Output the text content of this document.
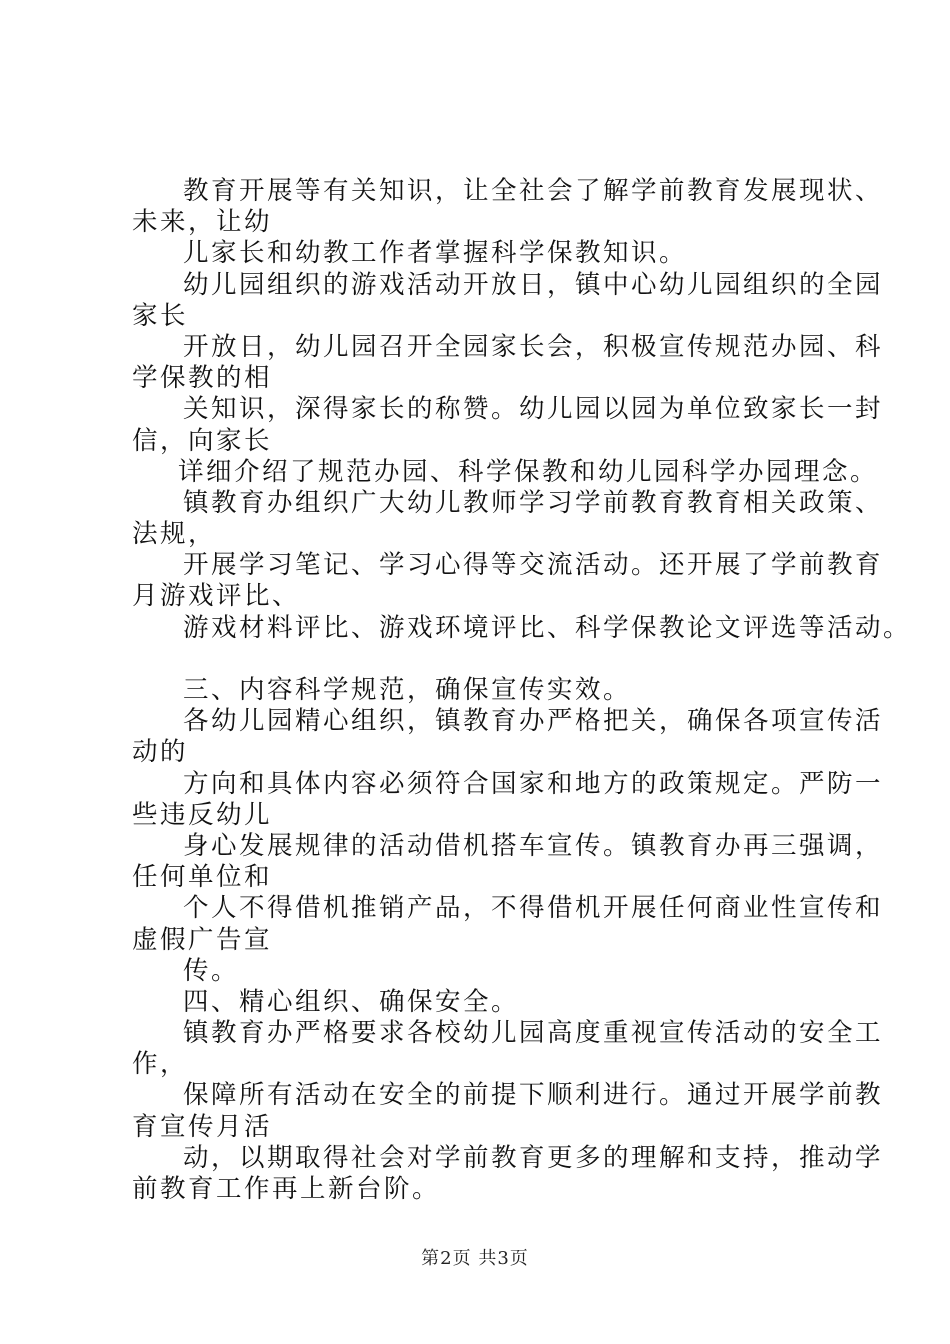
教育开展等有关知识，让全社会了解学前教育发展现状、
未来，让幼
儿家长和幼教工作者掌握科学保教知识。
幼儿园组织的游戏活动开放日，镇中心幼儿园组织的全园
家长
开放日，幼儿园召开全园家长会，积极宣传规范办园、科
学保教的相
关知识，深得家长的称赞。幼儿园以园为单位致家长一封
信，向家长
详细介绍了规范办园、科学保教和幼儿园科学办园理念。
镇教育办组织广大幼儿教师学习学前教育教育相关政策、
法规，
开展学习笔记、学习心得等交流活动。还开展了学前教育
月游戏评比、
游戏材料评比、游戏环境评比、科学保教论文评选等活动。
三、内容科学规范，确保宣传实效。
各幼儿园精心组织，镇教育办严格把关，确保各项宣传活
动的
方向和具体内容必须符合国家和地方的政策规定。严防一
些违反幼儿
身心发展规律的活动借机搭车宣传。镇教育办再三强调，
任何单位和
个人不得借机推销产品，不得借机开展任何商业性宣传和
虚假广告宣
传。
四、精心组织、确保安全。
镇教育办严格要求各校幼儿园高度重视宣传活动的安全工
作，
保障所有活动在安全的前提下顺利进行。通过开展学前教
育宣传月活
动，以期取得社会对学前教育更多的理解和支持，推动学
前教育工作再上新台阶。
第2页 共3页
